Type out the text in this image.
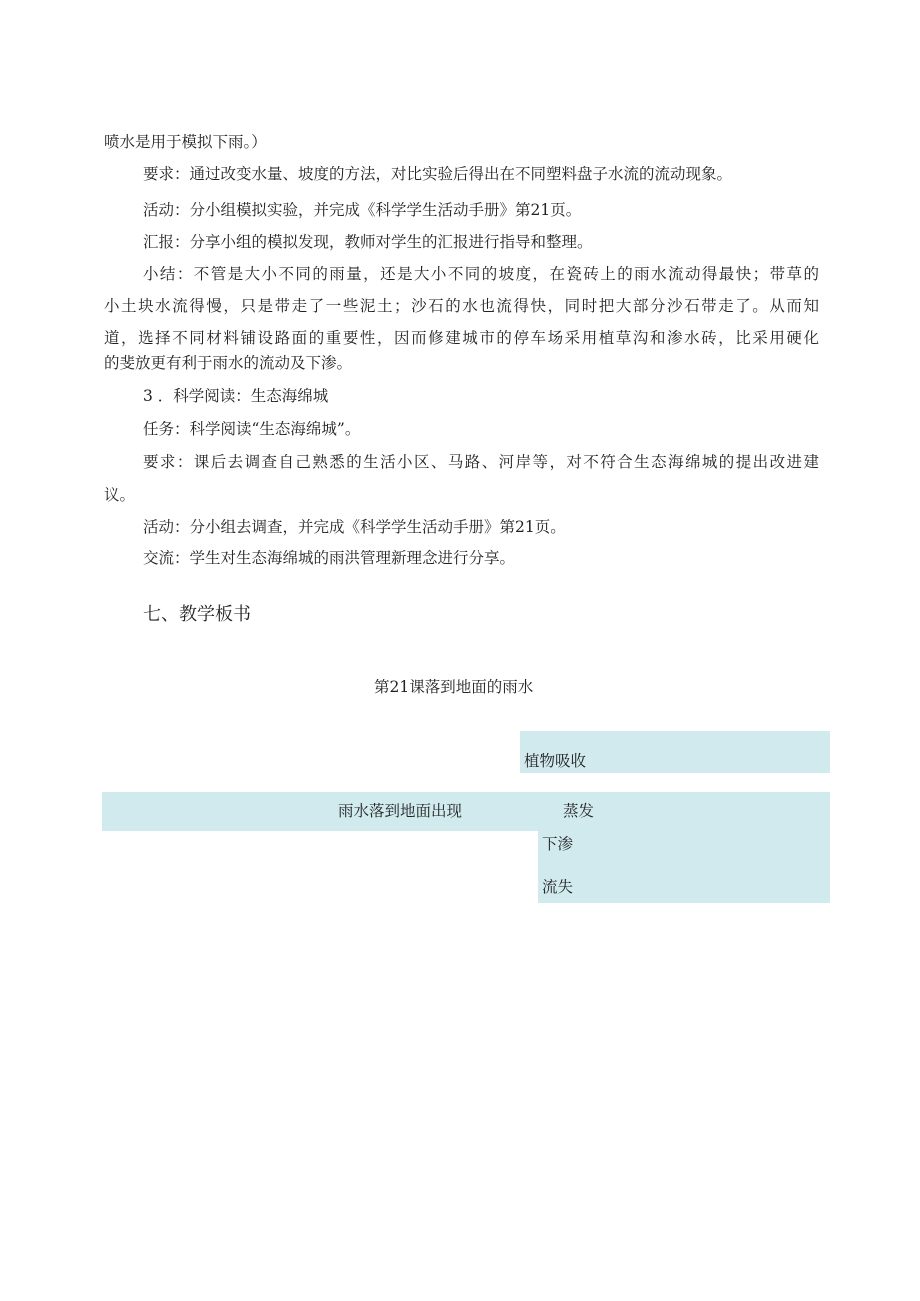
喷水是用于模拟下雨。）
要求：通过改变水量、坡度的方法，对比实验后得出在不同塑料盘子水流的流动现象。
活动：分小组模拟实验，并完成《科学学生活动手册》第21页。
汇报：分享小组的模拟发现，教师对学生的汇报进行指导和整理。
小结：不管是大小不同的雨量，还是大小不同的坡度，在瓷砖上的雨水流动得最快；带草的
小土块水流得慢，只是带走了一些泥土；沙石的水也流得快，同时把大部分沙石带走了。从而知
道，选择不同材料铺设路面的重要性，因而修建城市的停车场采用植草沟和渗水砖，比采用硬化
的斐放更有利于雨水的流动及下渗。
3 ．科学阅读：生态海绵城
任务：科学阅读“生态海绵城”。
要求：课后去调查自己熟悉的生活小区、马路、河岸等，对不符合生态海绵城的提出改进建
议。
活动：分小组去调查，并完成《科学学生活动手册》第21页。
交流：学生对生态海绵城的雨洪管理新理念进行分享。
七、教学板书
第21课落到地面的雨水
植物吸收
雨水落到地面出现	蒸发
下渗
流失
